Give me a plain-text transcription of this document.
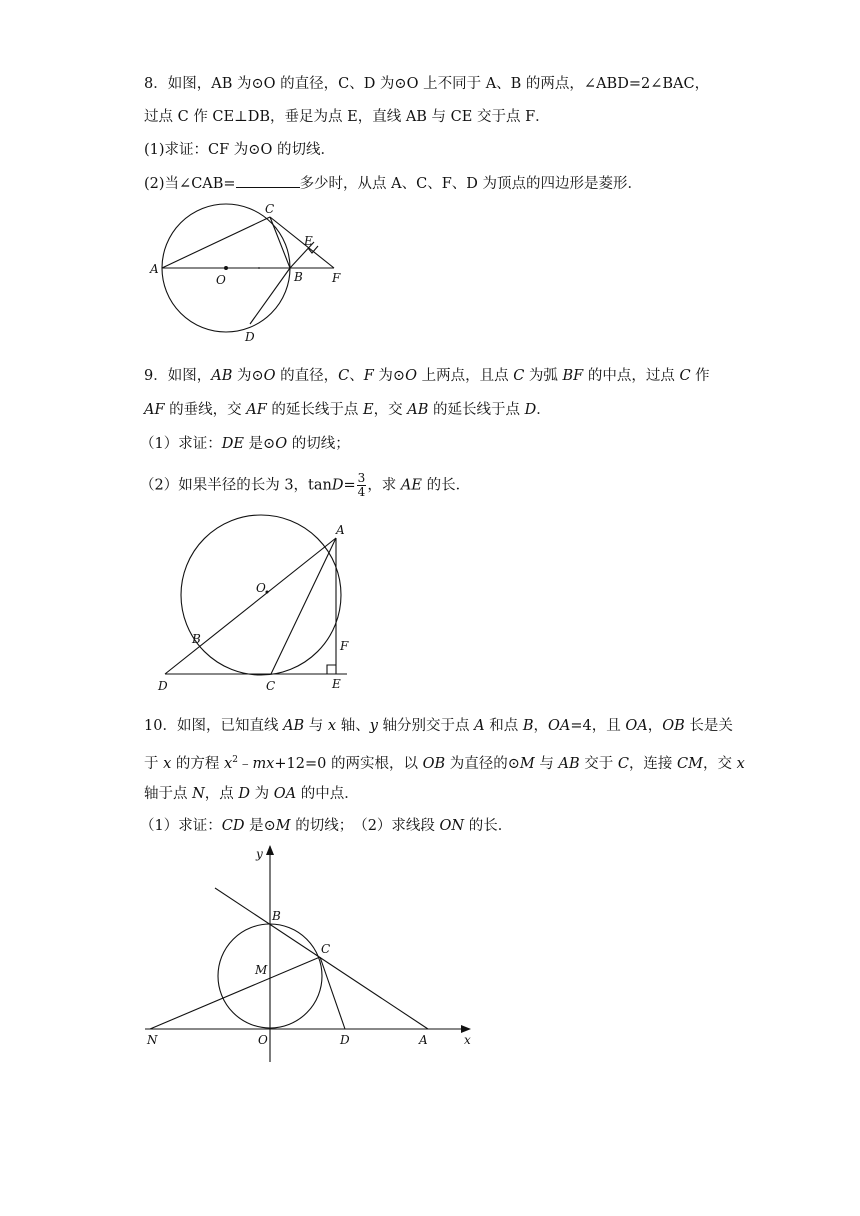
8．如图，AB 为⊙O 的直径，C、D 为⊙O 上不同于 A、B 的两点，∠ABD=2∠BAC，
过点 C 作 CE⊥DB，垂足为点 E，直线 AB 与 CE 交于点 F．
(1)求证：CF 为⊙O 的切线．
(2)当∠CAB=	多少时，从点 A、C、F、D 为顶点的四边形是菱形．
A
O	B F
C
E
D
9．如图，AB 为⊙O 的直径，C、F 为⊙O 上两点，且点 C 为弧 BF 的中点，过点 C 作
AF 的垂线，交 AF 的延长线于点 E，交 AB 的延长线于点 D．
（1）求证：DE 是⊙O 的切线；
（2）如果半径的长为 3，$\tan D= \frac{3}{4}$ ，求 AE 的长．
A
O
B	F
D	C	E
10．如图，已知直线 AB 与 x 轴、y 轴分别交于点 A 和点 B，OA=4，且 OA，OB 长是关
于 x 的方程 $x^2﹣mx+12=0$ 的两实根，以 OB 为直径的⊙M 与 AB 交于 C，连接 CM，交 x
轴于点 N，点 D 为 OA 的中点．
（1）求证：CD 是⊙M 的切线；　（2）求线段 ON 的长．
y
B
C
M
N	O	D	A	x
